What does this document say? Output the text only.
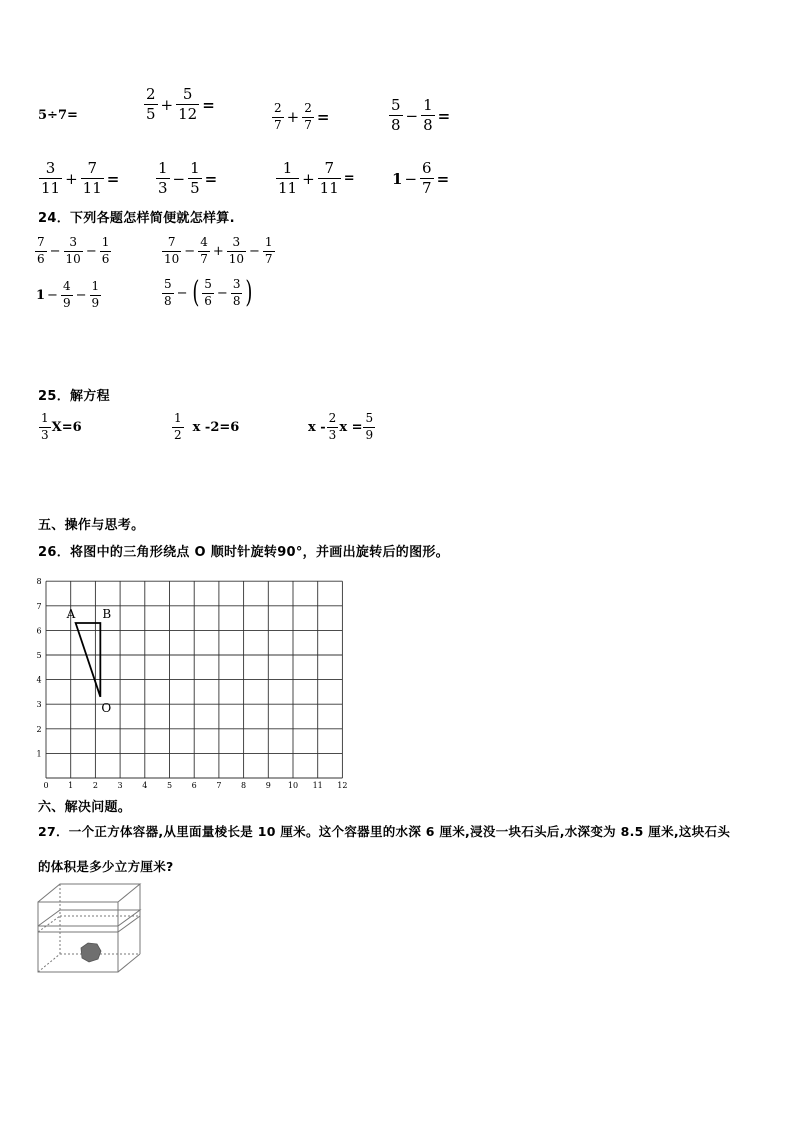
5÷7=	$\frac{2}{5} + \frac{5}{12}$ =	$\frac{2}{7} + \frac{2}{7}$ =	$\frac{5}{8} - \frac{1}{8}$ =
$\frac{3}{11} + \frac{7}{11} = \frac{1}{3} - \frac{1}{5}$ =	$\frac{1}{11} + \frac{7}{11} = 1 - \frac{6}{7}$ =
24．下列各题怎样简便就怎样算.
$\frac{7}{6} - \frac{3}{10} - \frac{1}{6}$	$\frac{7}{10} - \frac{4}{7} + \frac{3}{10} - \frac{1}{7}$
$1 - \frac{4}{9} - \frac{1}{9}$	$\frac{5}{8}$ − ( $\frac{5}{6} - \frac{3}{8}$ )
25．解方程
$\frac{1}{3} X=6$	$\frac{1}{2}$ x -2=6	x - $\frac{2}{3}$ $x = \frac{5}{9}$
五、操作与思考。
26．将图中的三角形绕点 O 顺时针旋转90°，并画出旋转后的图形。
0 1 2 3 4 5 6 7 8 9 10 11 12
1
2
3
4
5
6
7
8
A B
O
六、解决问题。
27．一个正方体容器,从里面量棱长是 10 厘米。这个容器里的水深 6 厘米,浸没一块石头后,水深变为 8.5 厘米,这块石头
的体积是多少立方厘米?
